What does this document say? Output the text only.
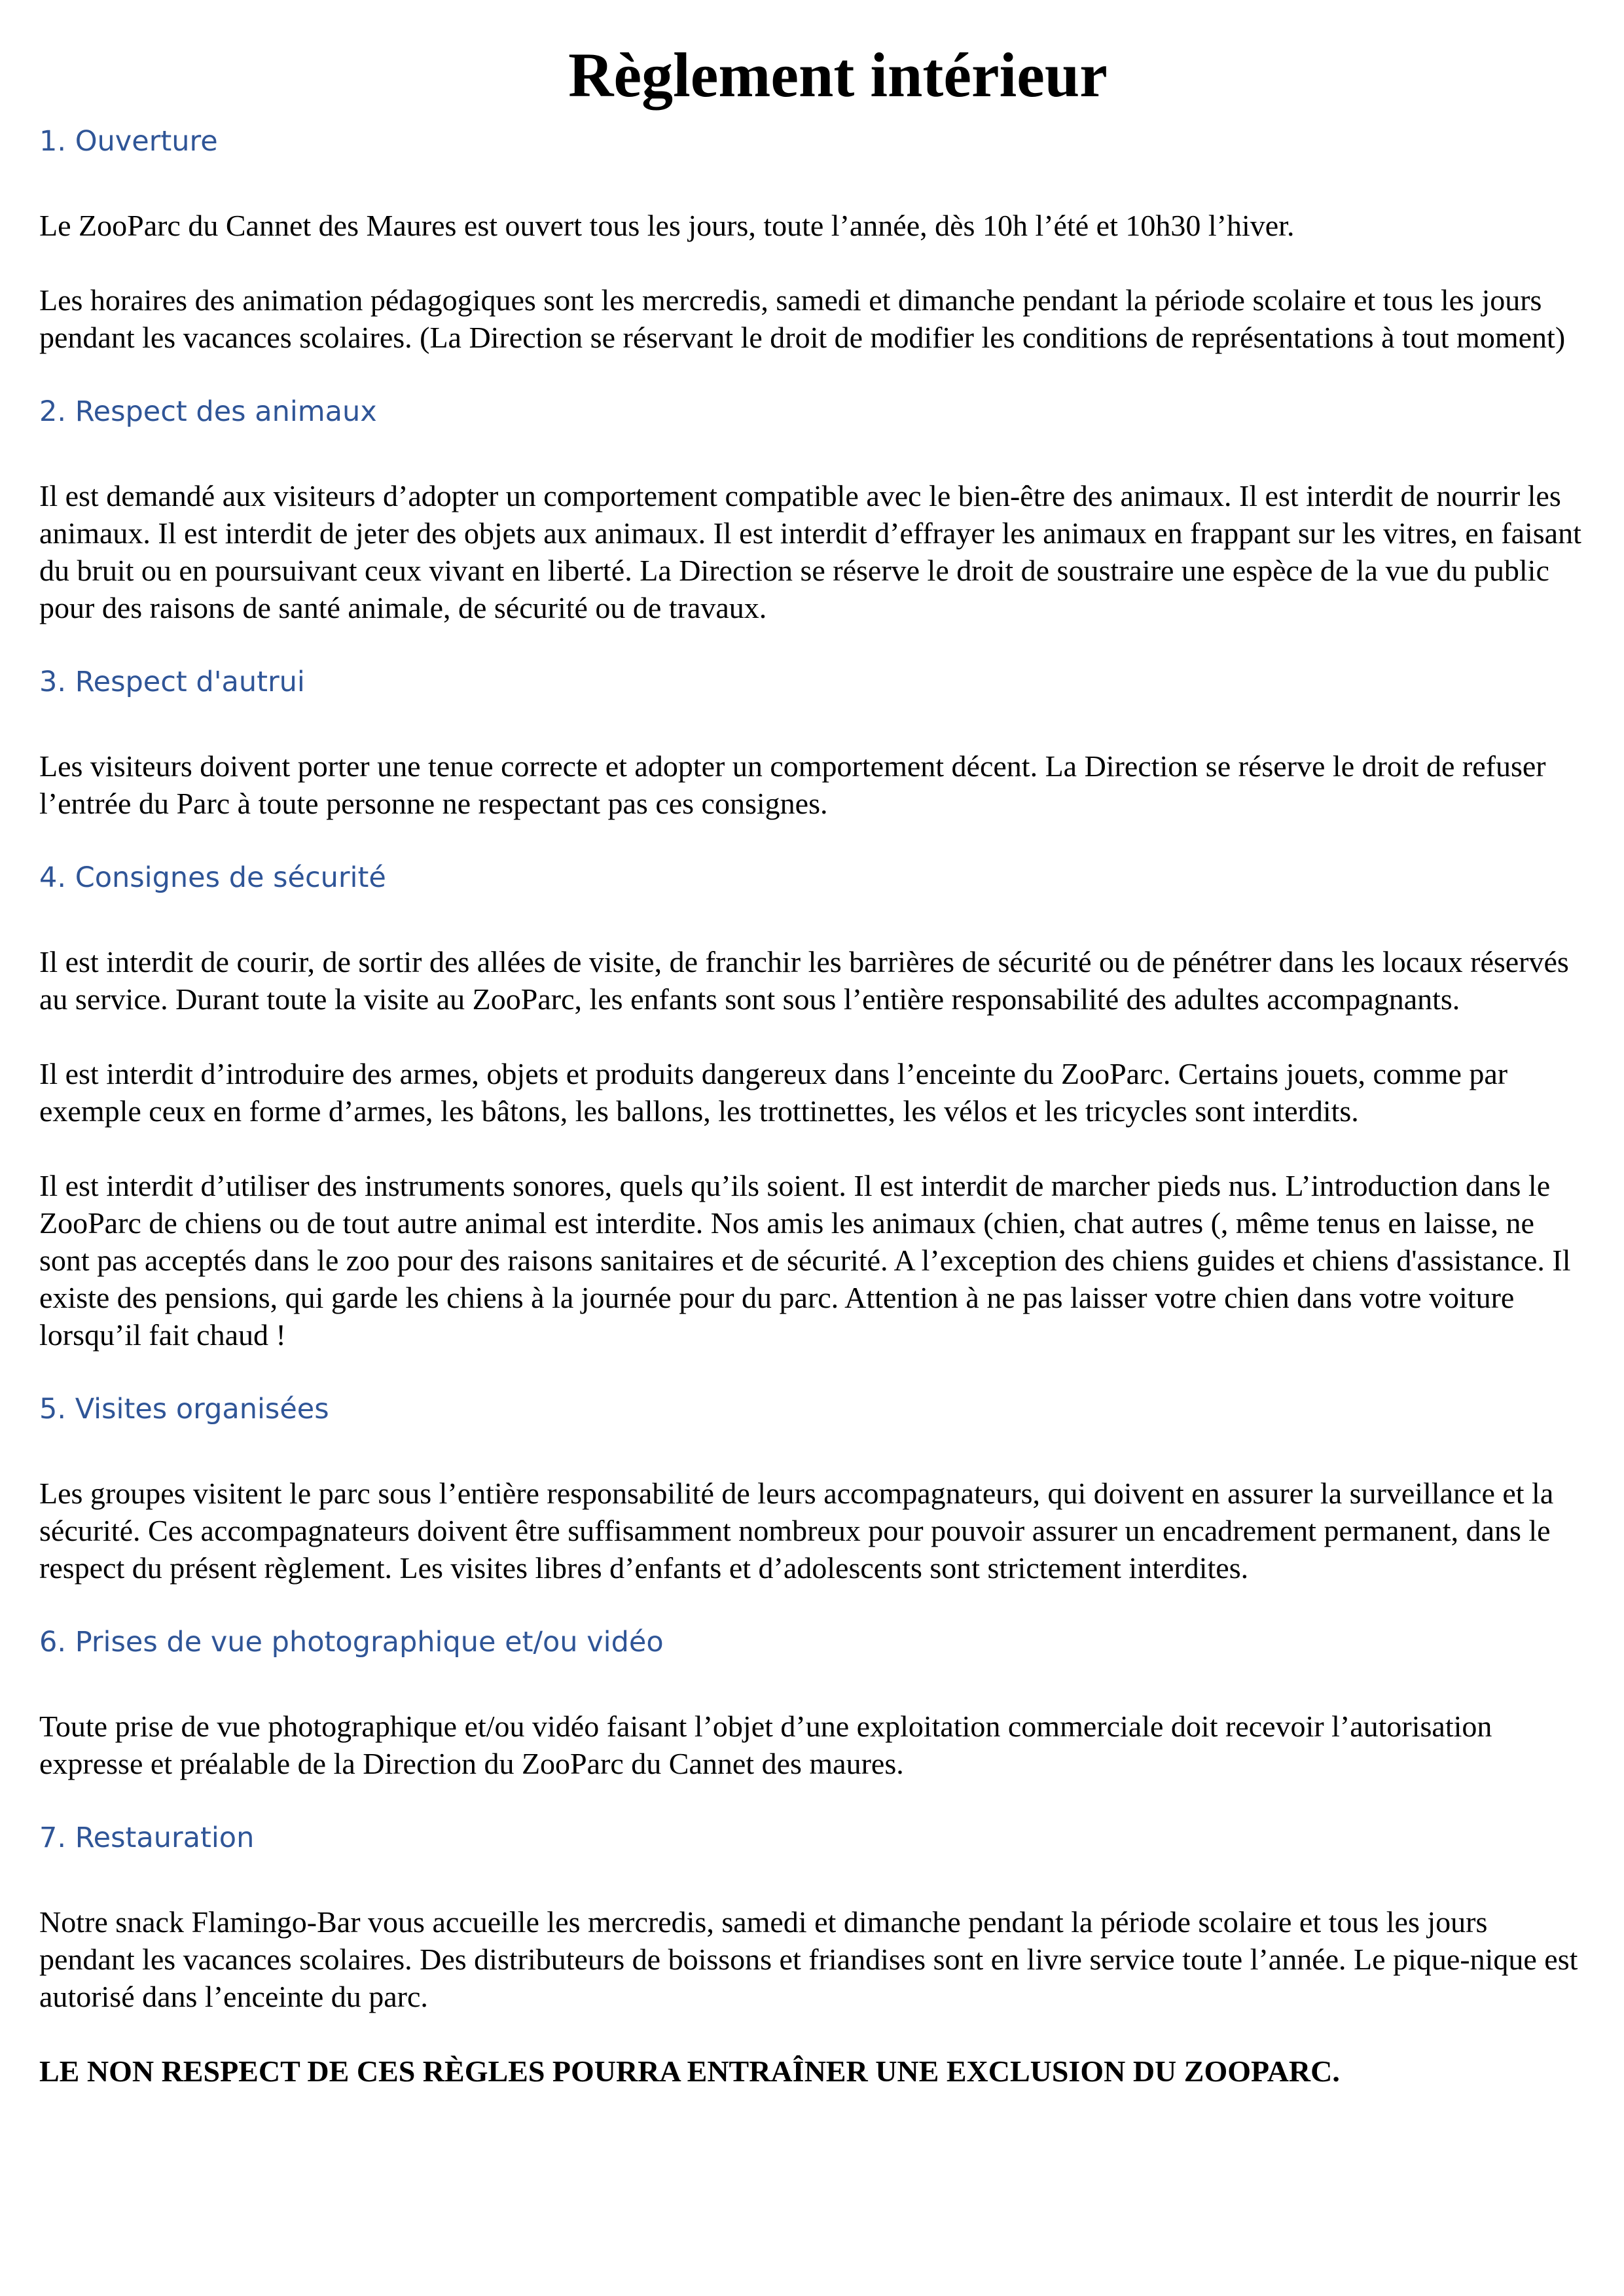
Règlement intérieur
1. Ouverture

Le ZooParc du Cannet des Maures est ouvert tous les jours, toute l’année, dès 10h l’été et 10h30 l’hiver.

Les horaires des animation pédagogiques sont les mercredis, samedi et dimanche pendant la période scolaire et tous les jours pendant les vacances scolaires. (La Direction se réservant le droit de modifier les conditions de représentations à tout moment)

2. Respect des animaux

Il est demandé aux visiteurs d’adopter un comportement compatible avec le bien-être des animaux. Il est interdit de nourrir les animaux. Il est interdit de jeter des objets aux animaux. Il est interdit d’effrayer les animaux en frappant sur les vitres, en faisant du bruit ou en poursuivant ceux vivant en liberté. La Direction se réserve le droit de soustraire une espèce de la vue du public pour des raisons de santé animale, de sécurité ou de travaux.

3. Respect d'autrui

Les visiteurs doivent porter une tenue correcte et adopter un comportement décent. La Direction se réserve le droit de refuser l’entrée du Parc à toute personne ne respectant pas ces consignes.

4. Consignes de sécurité

Il est interdit de courir, de sortir des allées de visite, de franchir les barrières de sécurité ou de pénétrer dans les locaux réservés au service. Durant toute la visite au ZooParc, les enfants sont sous l’entière responsabilité des adultes accompagnants.

Il est interdit d’introduire des armes, objets et produits dangereux dans l’enceinte du ZooParc. Certains jouets, comme par exemple ceux en forme d’armes, les bâtons, les ballons, les trottinettes, les vélos et les tricycles sont interdits.

Il est interdit d’utiliser des instruments sonores, quels qu’ils soient. Il est interdit de marcher pieds nus. L’introduction dans le ZooParc de chiens ou de tout autre animal est interdite. Nos amis les animaux (chien, chat autres (, même tenus en laisse, ne sont pas acceptés dans le zoo pour des raisons sanitaires et de sécurité. A l’exception des chiens guides et chiens d'assistance. Il existe des pensions, qui garde les chiens à la journée pour du parc. Attention à ne pas laisser votre chien dans votre voiture lorsqu’il fait chaud !

5. Visites organisées

Les groupes visitent le parc sous l’entière responsabilité de leurs accompagnateurs, qui doivent en assurer la surveillance et la sécurité. Ces accompagnateurs doivent être suffisamment nombreux pour pouvoir assurer un encadrement permanent, dans le respect du présent règlement. Les visites libres d’enfants et d’adolescents sont strictement interdites.

6. Prises de vue photographique et/ou vidéo

Toute prise de vue photographique et/ou vidéo faisant l’objet d’une exploitation commerciale doit recevoir l’autorisation expresse et préalable de la Direction du ZooParc du Cannet des maures.

7. Restauration

Notre snack Flamingo-Bar vous accueille les mercredis, samedi et dimanche pendant la période scolaire et tous les jours pendant les vacances scolaires. Des distributeurs de boissons et friandises sont en livre service toute l’année. Le pique-nique est autorisé dans l’enceinte du parc.

LE NON RESPECT DE CES RÈGLES POURRA ENTRAÎNER UNE EXCLUSION DU ZOOPARC.
